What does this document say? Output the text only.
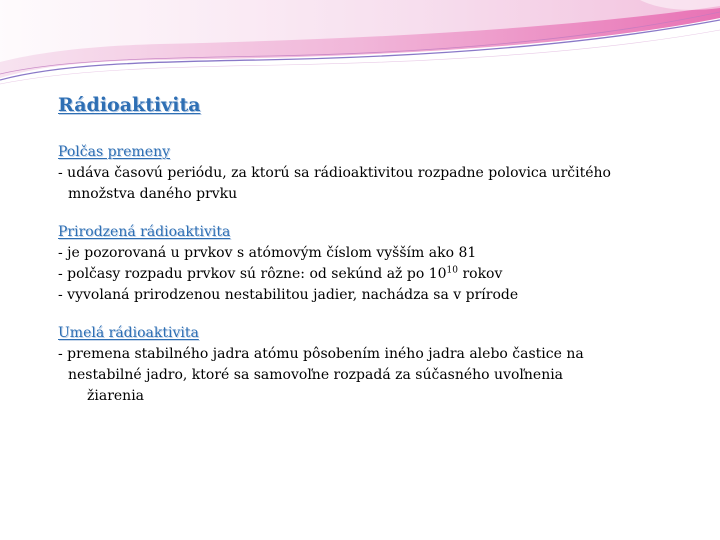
Rádioaktivita

Polčas premeny

- udáva časovú periódu, za ktorú sa rádioaktivitou rozpadne polovica určitého

množstva daného prvku

Prirodzená rádioaktivita

- je pozorovaná u prvkov s atómovým číslom vyšším ako 81

- polčasy rozpadu prvkov sú rôzne: od sekúnd až po $10^{10}$ rokov

- vyvolaná prirodzenou nestabilitou jadier, nachádza sa v prírode

Umelá rádioaktivita

- premena stabilného jadra atómu pôsobením iného jadra alebo častice na

nestabilné jadro, ktoré sa samovoľne rozpadá za súčasného uvoľnenia

žiarenia
